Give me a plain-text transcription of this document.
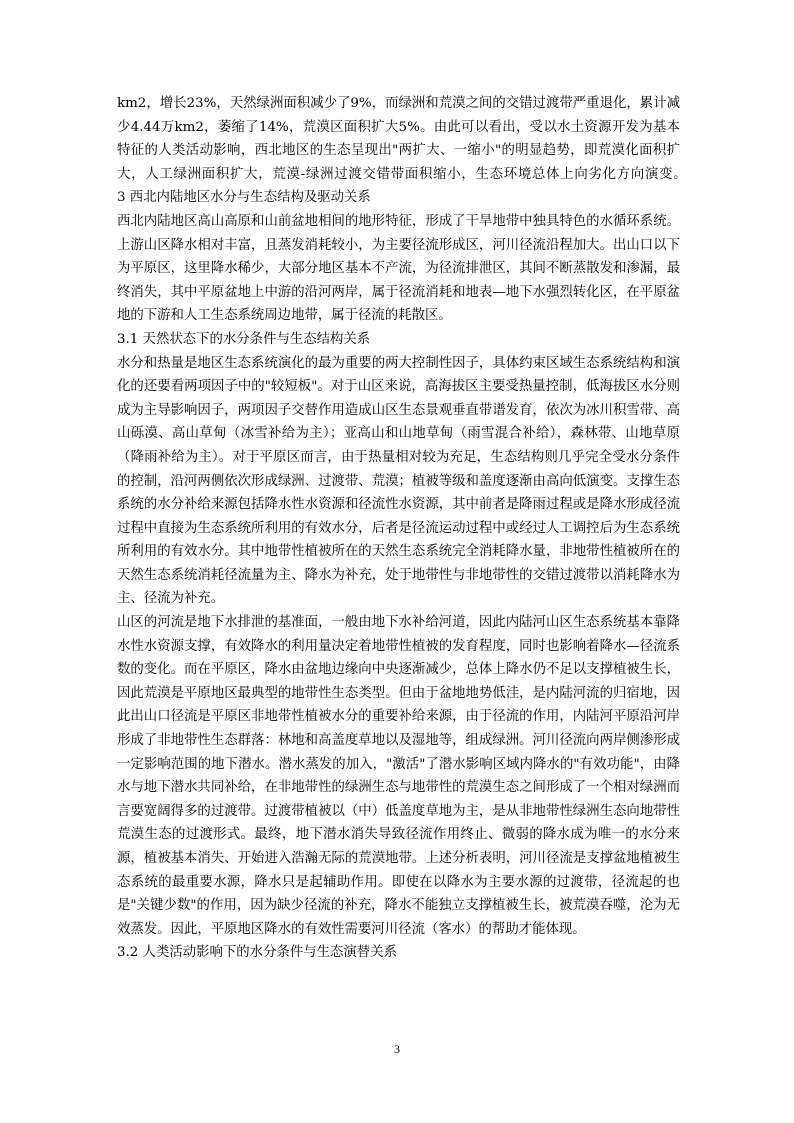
km2，增长23%，天然绿洲面积减少了9%，而绿洲和荒漠之间的交错过渡带严重退化，累计减少4.44万km2，萎缩了14%，荒漠区面积扩大5%。由此可以看出，受以水土资源开发为基本特征的人类活动影响，西北地区的生态呈现出"两扩大、一缩小"的明显趋势，即荒漠化面积扩大，人工绿洲面积扩大，荒漠-绿洲过渡交错带面积缩小，生态环境总体上向劣化方向演变。　　3 西北内陆地区水分与生态结构及驱动关系

西北内陆地区高山高原和山前盆地相间的地形特征，形成了干旱地带中独具特色的水循环系统。上游山区降水相对丰富，且蒸发消耗较小，为主要径流形成区，河川径流沿程加大。出山口以下为平原区，这里降水稀少，大部分地区基本不产流，为径流排泄区，其间不断蒸散发和渗漏，最终消失，其中平原盆地上中游的沿河两岸，属于径流消耗和地表—地下水强烈转化区，在平原盆地的下游和人工生态系统周边地带，属于径流的耗散区。

3.1 天然状态下的水分条件与生态结构关系

水分和热量是地区生态系统演化的最为重要的两大控制性因子，具体约束区域生态系统结构和演化的还要看两项因子中的"较短板"。对于山区来说，高海拔区主要受热量控制，低海拔区水分则成为主导影响因子，两项因子交替作用造成山区生态景观垂直带谱发育，依次为冰川积雪带、高山砾漠、高山草甸（冰雪补给为主）；亚高山和山地草甸（雨雪混合补给），森林带、山地草原（降雨补给为主）。对于平原区而言，由于热量相对较为充足，生态结构则几乎完全受水分条件的控制，沿河两侧依次形成绿洲、过渡带、荒漠；植被等级和盖度逐渐由高向低演变。支撑生态系统的水分补给来源包括降水性水资源和径流性水资源，其中前者是降雨过程或是降水形成径流过程中直接为生态系统所利用的有效水分，后者是径流运动过程中或经过人工调控后为生态系统所利用的有效水分。其中地带性植被所在的天然生态系统完全消耗降水量，非地带性植被所在的天然生态系统消耗径流量为主、降水为补充，处于地带性与非地带性的交错过渡带以消耗降水为主、径流为补充。

山区的河流是地下水排泄的基准面，一般由地下水补给河道，因此内陆河山区生态系统基本靠降水性水资源支撑，有效降水的利用量决定着地带性植被的发育程度，同时也影响着降水—径流系数的变化。而在平原区，降水由盆地边缘向中央逐渐减少，总体上降水仍不足以支撑植被生长，因此荒漠是平原地区最典型的地带性生态类型。但由于盆地地势低洼，是内陆河流的归宿地，因此出山口径流是平原区非地带性植被水分的重要补给来源，由于径流的作用，内陆河平原沿河岸形成了非地带性生态群落：林地和高盖度草地以及湿地等，组成绿洲。河川径流向两岸侧渗形成一定影响范围的地下潜水。潜水蒸发的加入，"激活"了潜水影响区域内降水的"有效功能"，由降水与地下潜水共同补给，在非地带性的绿洲生态与地带性的荒漠生态之间形成了一个相对绿洲而言要宽阔得多的过渡带。过渡带植被以（中）低盖度草地为主，是从非地带性绿洲生态向地带性荒漠生态的过渡形式。最终，地下潜水消失导致径流作用终止、微弱的降水成为唯一的水分来源，植被基本消失、开始进入浩瀚无际的荒漠地带。上述分析表明，河川径流是支撑盆地植被生态系统的最重要水源，降水只是起辅助作用。即使在以降水为主要水源的过渡带，径流起的也是"关键少数"的作用，因为缺少径流的补充，降水不能独立支撑植被生长，被荒漠吞噬，沦为无效蒸发。因此，平原地区降水的有效性需要河川径流（客水）的帮助才能体现。

3.2 人类活动影响下的水分条件与生态演替关系

3
